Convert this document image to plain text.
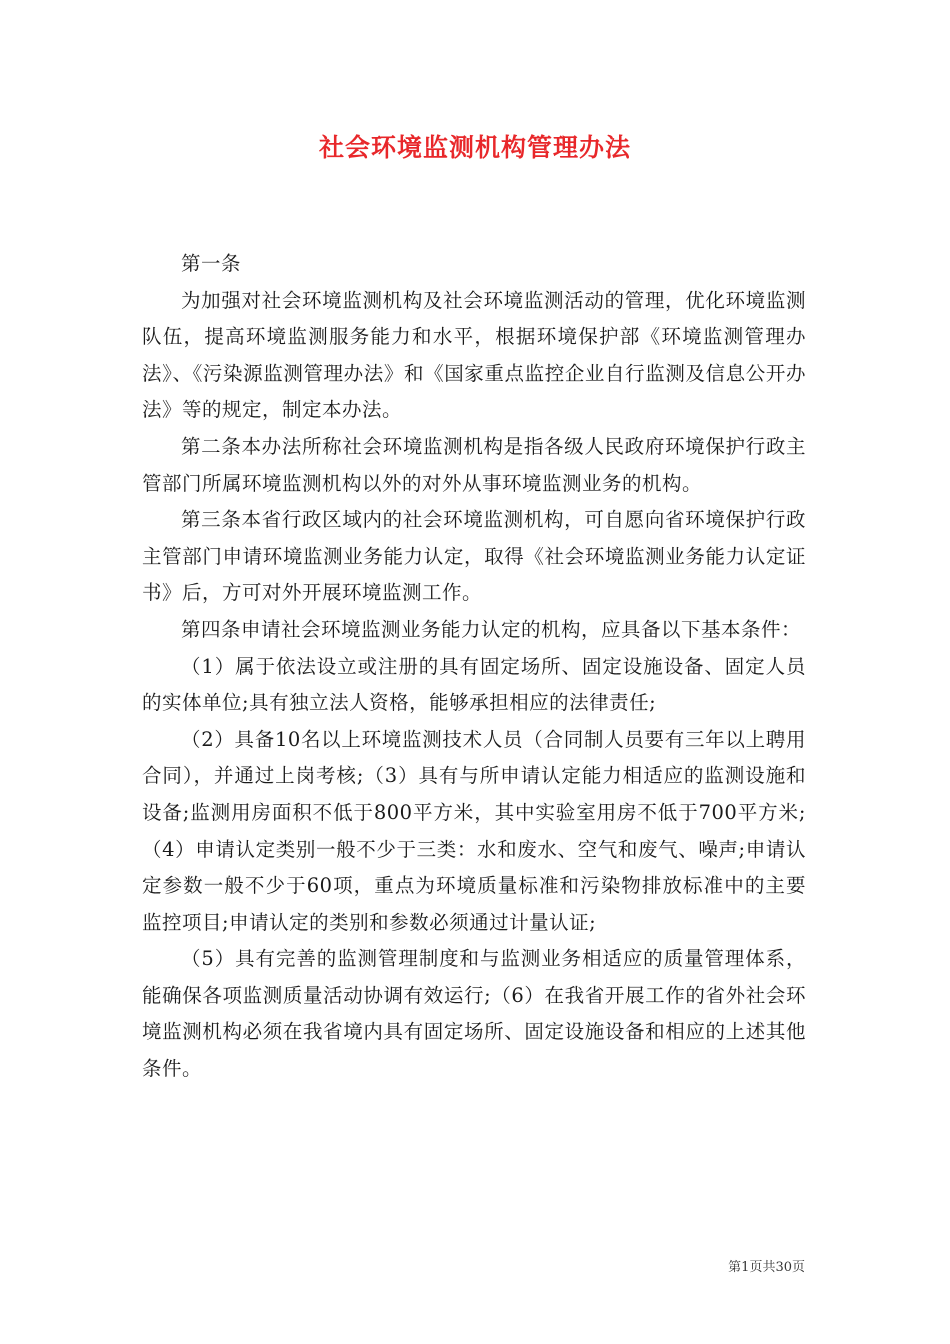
社会环境监测机构管理办法

第一条

为加强对社会环境监测机构及社会环境监测活动的管理，优化环境监测队伍，提高环境监测服务能力和水平，根据环境保护部《环境监测管理办法》、《污染源监测管理办法》和《国家重点监控企业自行监测及信息公开办法》等的规定，制定本办法。

第二条本办法所称社会环境监测机构是指各级人民政府环境保护行政主管部门所属环境监测机构以外的对外从事环境监测业务的机构。

第三条本省行政区域内的社会环境监测机构，可自愿向省环境保护行政主管部门申请环境监测业务能力认定，取得《社会环境监测业务能力认定证书》后，方可对外开展环境监测工作。

第四条申请社会环境监测业务能力认定的机构，应具备以下基本条件：

（1）属于依法设立或注册的具有固定场所、固定设施设备、固定人员的实体单位;具有独立法人资格，能够承担相应的法律责任;

（2）具备10名以上环境监测技术人员（合同制人员要有三年以上聘用合同），并通过上岗考核;（3）具有与所申请认定能力相适应的监测设施和设备;监测用房面积不低于800平方米，其中实验室用房不低于700平方米;（4）申请认定类别一般不少于三类：水和废水、空气和废气、噪声;申请认定参数一般不少于60项，重点为环境质量标准和污染物排放标准中的主要监控项目;申请认定的类别和参数必须通过计量认证;

（5）具有完善的监测管理制度和与监测业务相适应的质量管理体系，能确保各项监测质量活动协调有效运行;（6）在我省开展工作的省外社会环境监测机构必须在我省境内具有固定场所、固定设施设备和相应的上述其他条件。

第1页共30页
